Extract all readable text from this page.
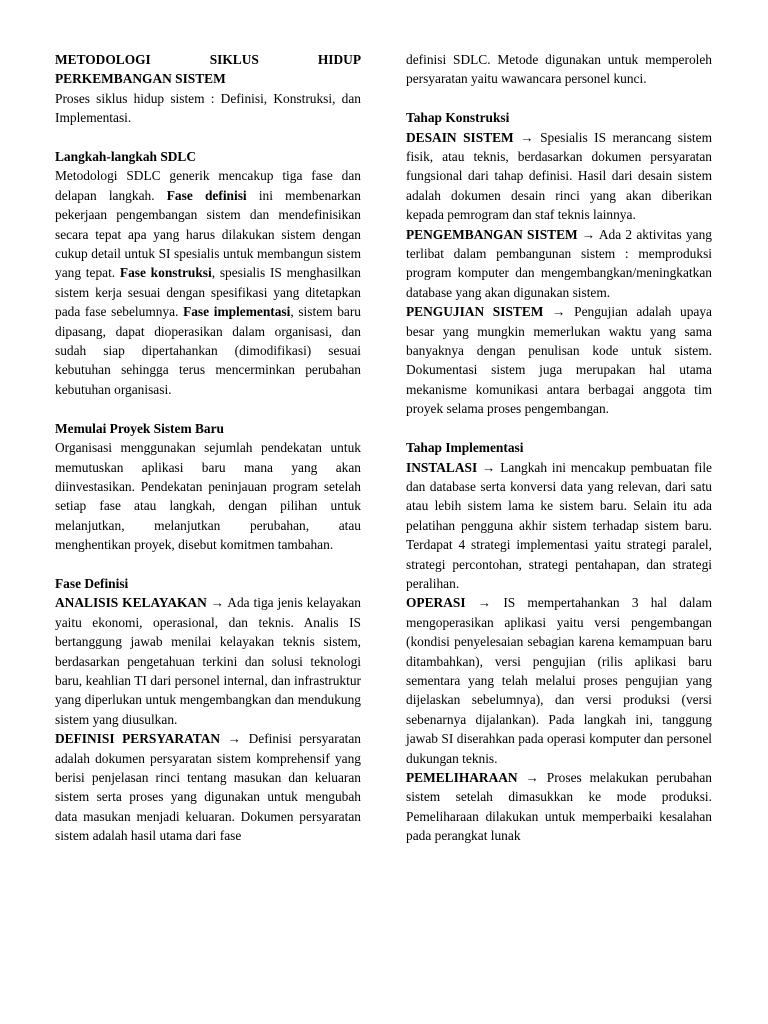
METODOLOGI SIKLUS HIDUP PERKEMBANGAN SISTEM

Proses siklus hidup sistem : Definisi, Konstruksi, dan Implementasi.

Langkah-langkah SDLC

Metodologi SDLC generik mencakup tiga fase dan delapan langkah. Fase definisi ini membenarkan pekerjaan pengembangan sistem dan mendefinisikan secara tepat apa yang harus dilakukan sistem dengan cukup detail untuk SI spesialis untuk membangun sistem yang tepat. Fase konstruksi, spesialis IS menghasilkan sistem kerja sesuai dengan spesifikasi yang ditetapkan pada fase sebelumnya. Fase implementasi, sistem baru dipasang, dapat dioperasikan dalam organisasi, dan sudah siap dipertahankan (dimodifikasi) sesuai kebutuhan sehingga terus mencerminkan perubahan kebutuhan organisasi.

Memulai Proyek Sistem Baru

Organisasi menggunakan sejumlah pendekatan untuk memutuskan aplikasi baru mana yang akan diinvestasikan. Pendekatan peninjauan program setelah setiap fase atau langkah, dengan pilihan untuk melanjutkan, melanjutkan perubahan, atau menghentikan proyek, disebut komitmen tambahan.

Fase Definisi

ANALISIS KELAYAKAN → Ada tiga jenis kelayakan yaitu ekonomi, operasional, dan teknis. Analis IS bertanggung jawab menilai kelayakan teknis sistem, berdasarkan pengetahuan terkini dan solusi teknologi baru, keahlian TI dari personel internal, dan infrastruktur yang diperlukan untuk mengembangkan dan mendukung sistem yang diusulkan.

DEFINISI PERSYARATAN → Definisi persyaratan adalah dokumen persyaratan sistem komprehensif yang berisi penjelasan rinci tentang masukan dan keluaran sistem serta proses yang digunakan untuk mengubah data masukan menjadi keluaran. Dokumen persyaratan sistem adalah hasil utama dari fase

definisi SDLC. Metode digunakan untuk memperoleh persyaratan yaitu wawancara personel kunci.

Tahap Konstruksi

DESAIN SISTEM → Spesialis IS merancang sistem fisik, atau teknis, berdasarkan dokumen persyaratan fungsional dari tahap definisi. Hasil dari desain sistem adalah dokumen desain rinci yang akan diberikan kepada pemrogram dan staf teknis lainnya.

PENGEMBANGAN SISTEM → Ada 2 aktivitas yang terlibat dalam pembangunan sistem : memproduksi program komputer dan mengembangkan/meningkatkan database yang akan digunakan sistem.

PENGUJIAN SISTEM → Pengujian adalah upaya besar yang mungkin memerlukan waktu yang sama banyaknya dengan penulisan kode untuk sistem. Dokumentasi sistem juga merupakan hal utama mekanisme komunikasi antara berbagai anggota tim proyek selama proses pengembangan.

Tahap Implementasi

INSTALASI → Langkah ini mencakup pembuatan file dan database serta konversi data yang relevan, dari satu atau lebih sistem lama ke sistem baru. Selain itu ada pelatihan pengguna akhir sistem terhadap sistem baru. Terdapat 4 strategi implementasi yaitu strategi paralel, strategi percontohan, strategi pentahapan, dan strategi peralihan.

OPERASI → IS mempertahankan 3 hal dalam mengoperasikan aplikasi yaitu versi pengembangan (kondisi penyelesaian sebagian karena kemampuan baru ditambahkan), versi pengujian (rilis aplikasi baru sementara yang telah melalui proses pengujian yang dijelaskan sebelumnya), dan versi produksi (versi sebenarnya dijalankan). Pada langkah ini, tanggung jawab SI diserahkan pada operasi komputer dan personel dukungan teknis.

PEMELIHARAAN → Proses melakukan perubahan sistem setelah dimasukkan ke mode produksi. Pemeliharaan dilakukan untuk memperbaiki kesalahan pada perangkat lunak
